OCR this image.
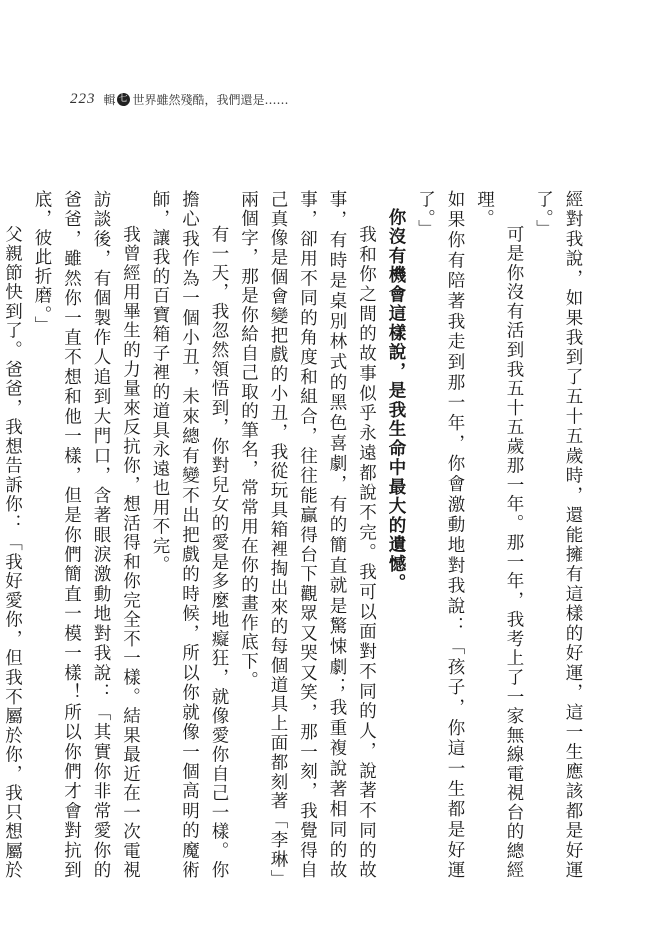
223 輯 七 世界雖然殘酷，我們還是……

經對我說，如果我到了五十五歲時，還能擁有這樣的好運，這一生應該都是好運了。」

可是你沒有活到我五十五歲那一年。那一年，我考上了一家無線電視台的總經理。

如果你有陪著我走到那一年，你會激動地對我說：「孩子，你這一生都是好運了。」

你沒有機會這樣說，是我生命中最大的遺憾。

我和你之間的故事似乎永遠都說不完。我可以面對不同的人，說著不同的故事，有時是桌別林式的黑色喜劇，有的簡直就是驚悚劇；我重複說著相同的故事，卻用不同的角度和組合，往往能贏得台下觀眾又哭又笑，那一刻，我覺得自己真像是個會變把戲的小丑，我從玩具箱裡掏出來的每個道具上面都刻著「李琳」兩個字，那是你給自己取的筆名，常常用在你的畫作底下。

有一天，我忽然領悟到，你對兒女的愛是多麼地癡狂，就像愛你自己一樣。你擔心我作為一個小丑，未來總有變不出把戲的時候，所以你就像一個高明的魔術師，讓我的百寶箱子裡的道具永遠也用不完。

我曾經用畢生的力量來反抗你，想活得和你完全不一樣。結果最近在一次電視訪談後，有個製作人追到大門口，含著眼淚激動地對我說：「其實你非常愛你的爸爸，雖然你一直不想和他一樣，但是你們簡直一模一樣！所以你們才會對抗到底，彼此折磨。」

父親節快到了。爸爸，我想告訴你：「我好愛你，但我不屬於你，我只想屬於
